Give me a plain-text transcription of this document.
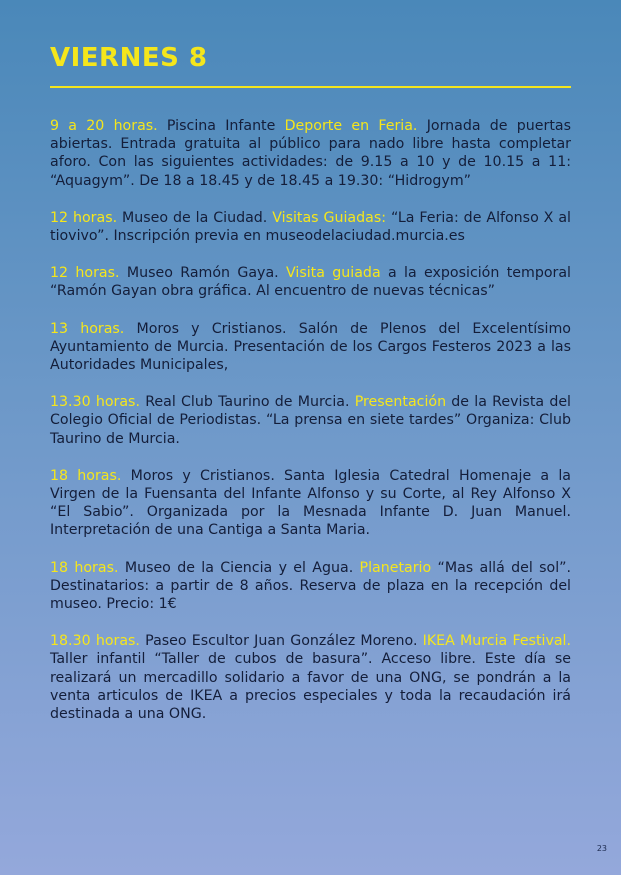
VIERNES 8

9 a 20 horas. Piscina Infante Deporte en Feria. Jornada de puertas abiertas. Entrada gratuita al público para nado libre hasta completar aforo. Con las siguientes actividades: de 9.15 a 10 y de 10.15 a 11: “Aquagym”. De 18 a 18.45 y de 18.45 a 19.30: “Hidrogym”

12 horas. Museo de la Ciudad. Visitas Guiadas: “La Feria: de Alfonso X al tiovivo”. Inscripción previa en museodelaciudad.murcia.es

12 horas. Museo Ramón Gaya. Visita guiada a la exposición temporal “Ramón Gayan obra gráfica. Al encuentro de nuevas técnicas”

13 horas. Moros y Cristianos. Salón de Plenos del Excelentísimo Ayuntamiento de Murcia. Presentación de los Cargos Festeros 2023 a las Autoridades Municipales,

13.30 horas. Real Club Taurino de Murcia. Presentación de la Revista del Colegio Oficial de Periodistas. “La prensa en siete tardes” Organiza: Club Taurino de Murcia.

18 horas. Moros y Cristianos. Santa Iglesia Catedral Homenaje a la Virgen de la Fuensanta del Infante Alfonso y su Corte, al Rey Alfonso X “El Sabio”. Organizada por la Mesnada Infante D. Juan Manuel. Interpretación de una Cantiga a Santa Maria.

18 horas. Museo de la Ciencia y el Agua. Planetario “Mas allá del sol”. Destinatarios: a partir de 8 años. Reserva de plaza en la recepción del museo. Precio: 1€

18.30 horas. Paseo Escultor Juan González Moreno. IKEA Murcia Festival. Taller infantil “Taller de cubos de basura”. Acceso libre. Este día se realizará un mercadillo solidario a favor de una ONG, se pondrán a la venta articulos de IKEA a precios especiales y toda la recaudación irá destinada a una ONG.

23
